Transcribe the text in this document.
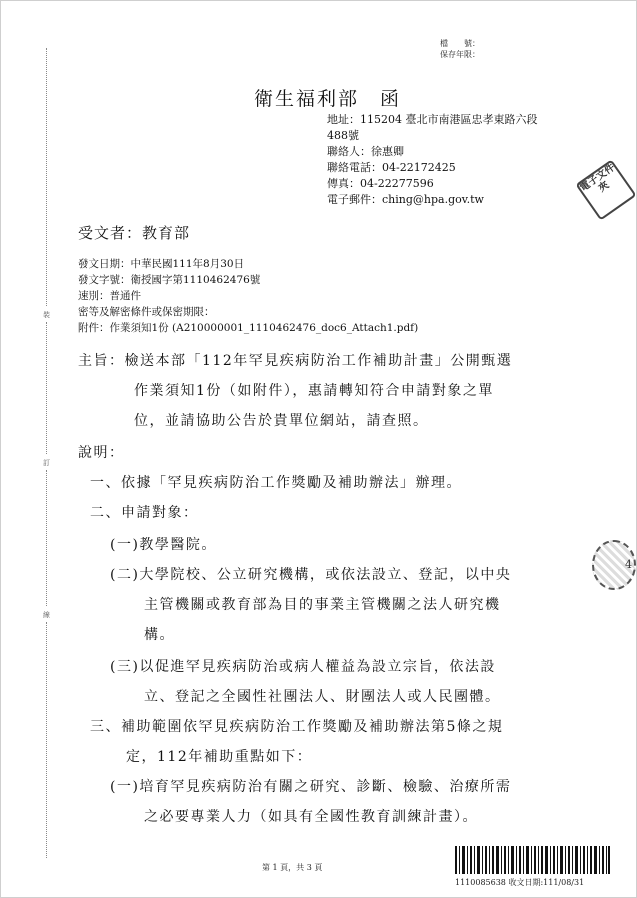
裝
訂
線
檔　　號：
保存年限：
衛生福利部　函
地址：115204 臺北市南港區忠孝東路六段
488號
聯絡人：徐惠卿
聯絡電話：04-22172425
傳真：04-22277596
電子郵件：ching@hpa.gov.tw
電子文件夾
受文者：教育部
發文日期：中華民國111年8月30日
發文字號：衛授國字第1110462476號
速別：普通件
密等及解密條件或保密期限：
附件：作業須知1份 (A210000001_1110462476_doc6_Attach1.pdf)
主旨：檢送本部「112年罕見疾病防治工作補助計畫」公開甄選
作業須知1份（如附件），惠請轉知符合申請對象之單
位，並請協助公告於貴單位網站，請查照。
說明：
一、依據「罕見疾病防治工作獎勵及補助辦法」辦理。
二、申請對象：
(一)教學醫院。
(二)大學院校、公立研究機構，或依法設立、登記，以中央
主管機關或教育部為目的事業主管機關之法人研究機
構。
(三)以促進罕見疾病防治或病人權益為設立宗旨，依法設
立、登記之全國性社團法人、財團法人或人民團體。
三、補助範圍依罕見疾病防治工作獎勵及補助辦法第5條之規
定，112年補助重點如下：
(一)培育罕見疾病防治有關之研究、診斷、檢驗、治療所需
之必要專業人力（如具有全國性教育訓練計畫）。
4
第 1 頁，共 3 頁
1110085638 收文日期:111/08/31
